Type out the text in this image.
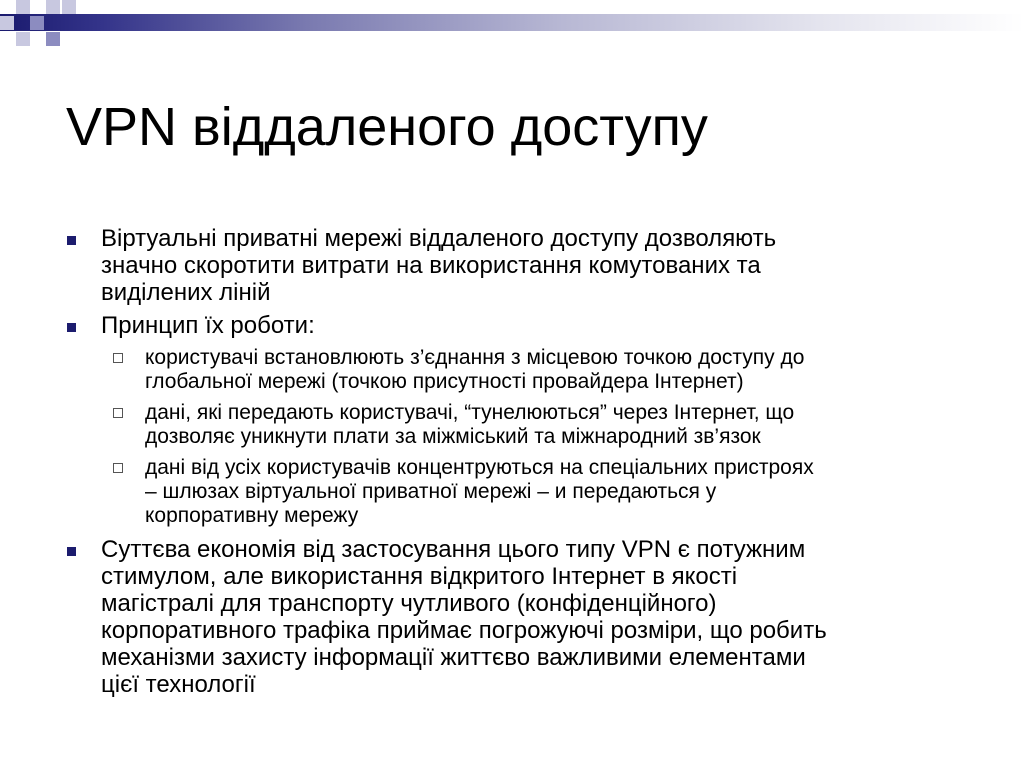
VPN віддаленого доступу
Віртуальні приватні мережі віддаленого доступу дозволяють
значно скоротити витрати на використання комутованих та
виділених ліній
Принцип їх роботи:
користувачі встановлюють з’єднання з місцевою точкою доступу до
глобальної мережі (точкою присутності провайдера Інтернет)
дані, які передають користувачі, “тунелюються” через Інтернет, що
дозволяє уникнути плати за міжміський та міжнародний зв’язок
дані від усіх користувачів концентруються на спеціальних пристроях
– шлюзах віртуальної приватної мережі – и передаються у
корпоративну мережу
Суттєва економія від застосування цього типу VPN є потужним
стимулом, але використання відкритого Інтернет в якості
магістралі для транспорту чутливого (конфіденційного)
корпоративного трафіка приймає погрожуючі розміри, що робить
механізми захисту інформації життєво важливими елементами
цієї технології
